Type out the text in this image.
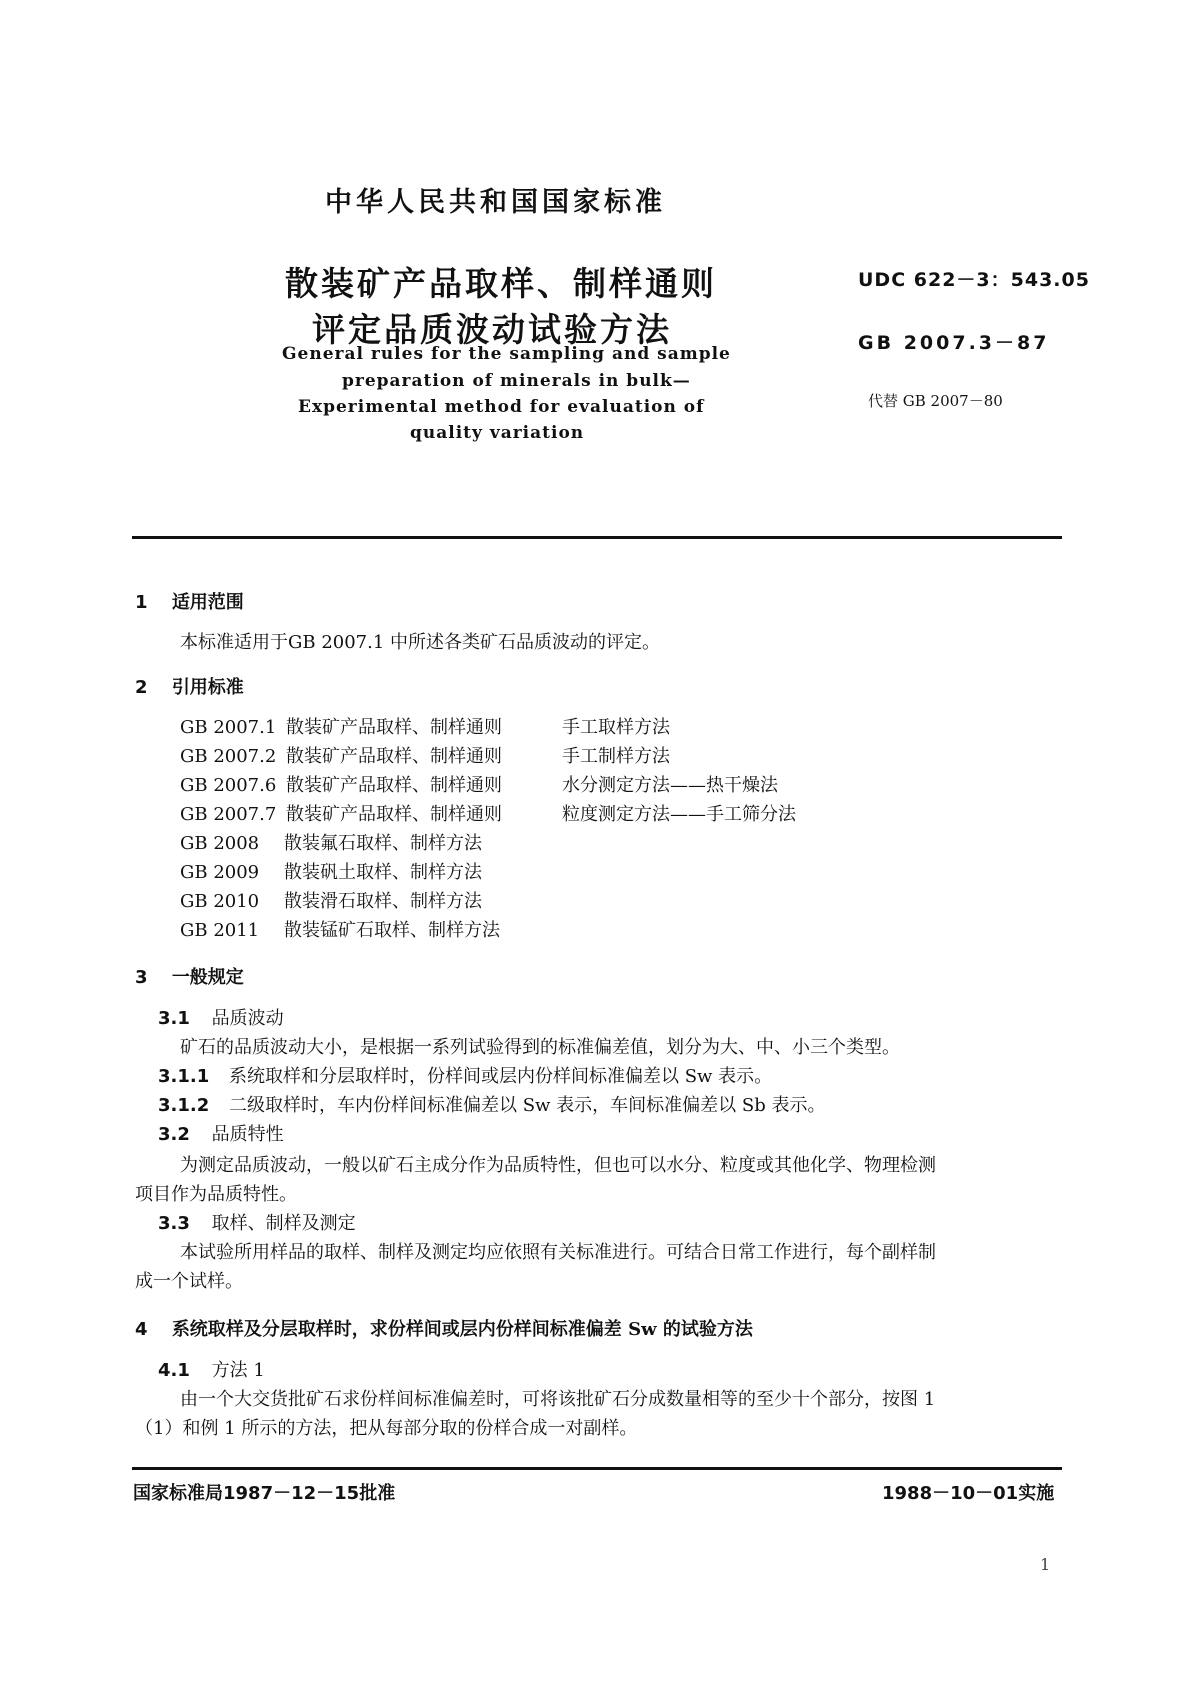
中华人民共和国国家标准
散装矿产品取样、制样通则
评定品质波动试验方法
General rules for the sampling and sample
preparation of minerals in bulk—
Experimental method for evaluation of
quality variation
UDC 622－3：543.05
GB 2007.3－87
代替 GB 2007－80
1 适用范围
本标准适用于GB 2007.1 中所述各类矿石品质波动的评定。
2 引用标准
GB 2007.1 散装矿产品取样、制样通则	手工取样方法
GB 2007.2 散装矿产品取样、制样通则	手工制样方法
GB 2007.6 散装矿产品取样、制样通则	水分测定方法——热干燥法
GB 2007.7 散装矿产品取样、制样通则	粒度测定方法——手工筛分法
GB 2008 散装氟石取样、制样方法
GB 2009 散装矾土取样、制样方法
GB 2010 散装滑石取样、制样方法
GB 2011 散装锰矿石取样、制样方法
3 一般规定
3.1 品质波动
矿石的品质波动大小，是根据一系列试验得到的标准偏差值，划分为大、中、小三个类型。
3.1.1 系统取样和分层取样时，份样间或层内份样间标准偏差以 Sw 表示。
3.1.2 二级取样时，车内份样间标准偏差以 Sw 表示，车间标准偏差以 Sb 表示。
3.2 品质特性
为测定品质波动，一般以矿石主成分作为品质特性，但也可以水分、粒度或其他化学、物理检测
项目作为品质特性。
3.3 取样、制样及测定
本试验所用样品的取样、制样及测定均应依照有关标准进行。可结合日常工作进行，每个副样制
成一个试样。
4 系统取样及分层取样时，求份样间或层内份样间标准偏差 Sw 的试验方法
4.1 方法 1
由一个大交货批矿石求份样间标准偏差时，可将该批矿石分成数量相等的至少十个部分，按图 1
（1）和例 1 所示的方法，把从每部分取的份样合成一对副样。
国家标准局1987－12－15批准	1988－10－01实施
1
